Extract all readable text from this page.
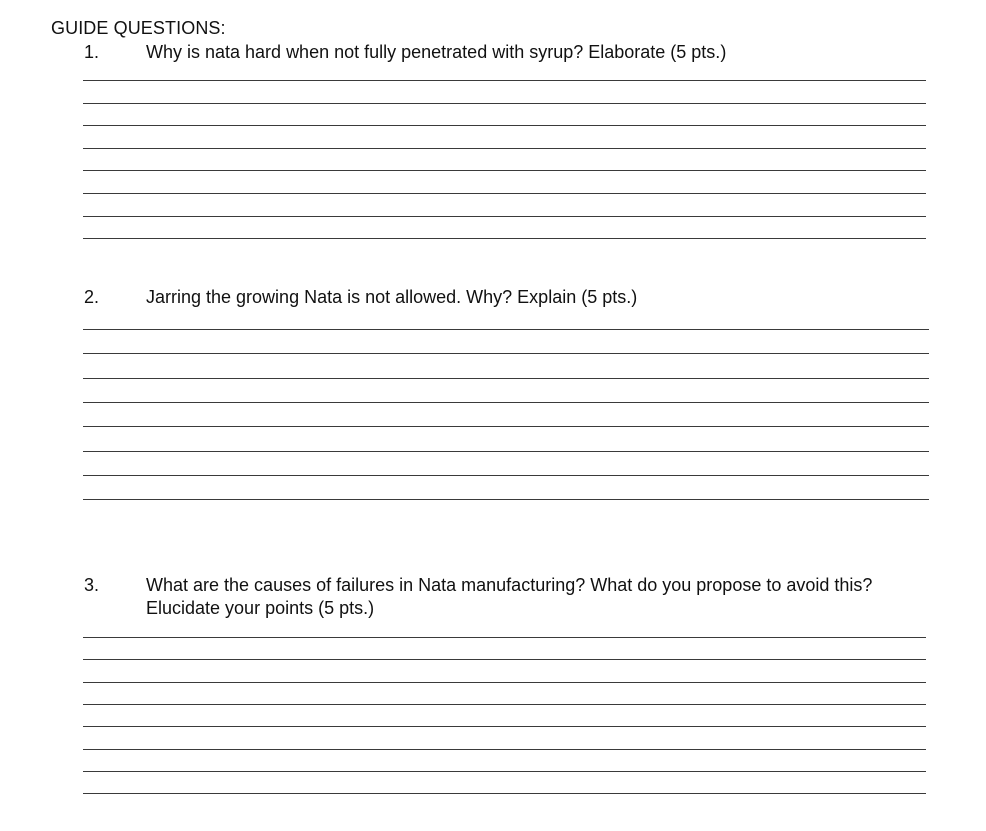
GUIDE QUESTIONS:
1.	Why is nata hard when not fully penetrated with syrup? Elaborate (5 pts.)
2.	Jarring the growing Nata is not allowed. Why? Explain (5 pts.)
3.	What are the causes of failures in Nata manufacturing? What do you propose to avoid this?
Elucidate your points (5 pts.)
